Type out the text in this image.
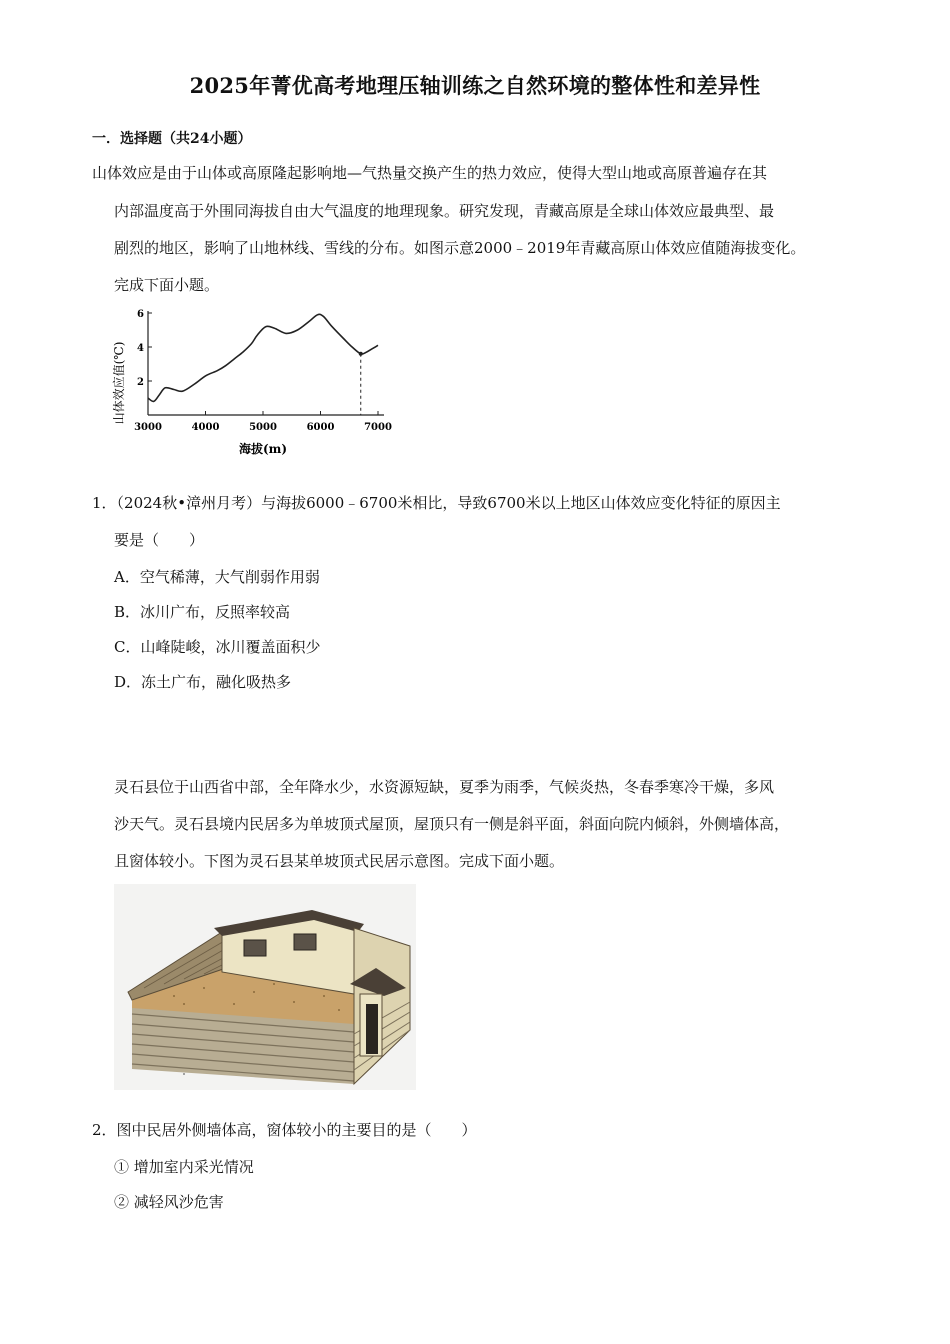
2025年菁优高考地理压轴训练之自然环境的整体性和差异性
一．选择题（共24小题）
山体效应是由于山体或高原隆起影响地—气热量交换产生的热力效应，使得大型山地或高原普遍存在其
内部温度高于外围同海拔自由大气温度的地理现象。研究发现，青藏高原是全球山体效应最典型、最
剧烈的地区，影响了山地林线、雪线的分布。如图示意2000﹣2019年青藏高原山体效应值随海拔变化。
完成下面小题。
3000	4000	5000	6000	7000
2
4
6
山体效应值(℃)
海拔(m)
1．（2024秋•漳州月考）与海拔6000﹣6700米相比，导致6700米以上地区山体效应变化特征的原因主
要是（　　）
A．空气稀薄，大气削弱作用弱
B．冰川广布，反照率较高
C．山峰陡峻，冰川覆盖面积少
D．冻土广布，融化吸热多
灵石县位于山西省中部，全年降水少，水资源短缺，夏季为雨季，气候炎热，冬春季寒冷干燥，多风
沙天气。灵石县境内民居多为单坡顶式屋顶，屋顶只有一侧是斜平面，斜面向院内倾斜，外侧墙体高，
且窗体较小。下图为灵石县某单坡顶式民居示意图。完成下面小题。
2．图中民居外侧墙体高，窗体较小的主要目的是（　　）
① 增加室内采光情况
② 减轻风沙危害
